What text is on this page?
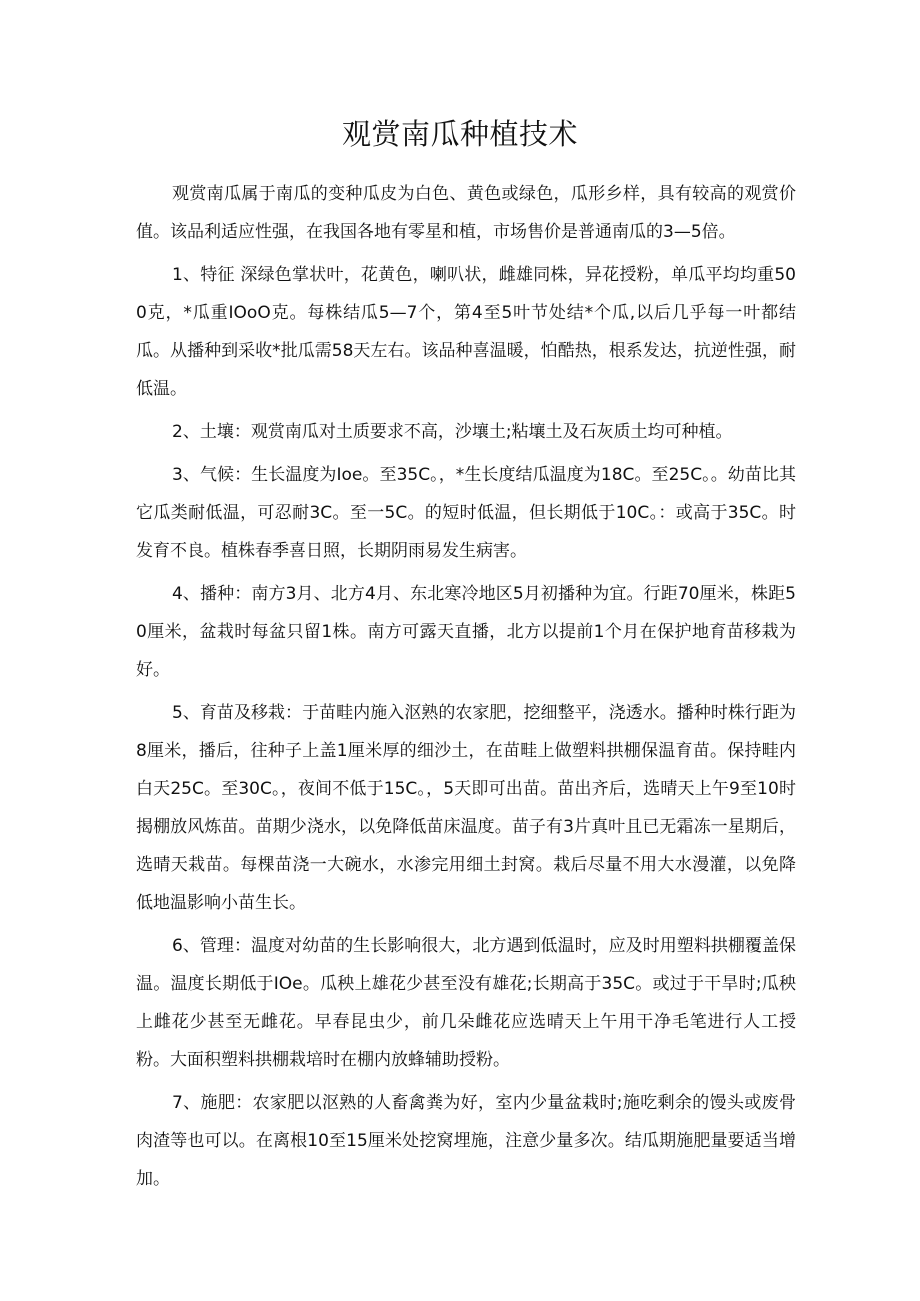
观赏南瓜种植技术

观赏南瓜属于南瓜的变种瓜皮为白色、黄色或绿色，瓜形乡样，具有较高的观赏价值。该品利适应性强，在我国各地有零星和植，市场售价是普通南瓜的3—5倍。

1、特征 深绿色掌状叶，花黄色，喇叭状，雌雄同株，异花授粉，单瓜平均均重500克，*瓜重IOoO克。每株结瓜5—7个，第4至5叶节处结*个瓜,以后几乎每一叶都结瓜。从播种到采收*批瓜需58天左右。该品种喜温暖，怕酷热，根系发达，抗逆性强，耐低温。

2、土壤：观赏南瓜对土质要求不高，沙壤土;粘壤土及石灰质土均可种植。

3、气候：生长温度为Ioe。至35C。，*生长度结瓜温度为18C。至25C。。幼苗比其它瓜类耐低温，可忍耐3C。至一5C。的短时低温，但长期低于10C。：或高于35C。时发育不良。植株春季喜日照，长期阴雨易发生病害。

4、播种：南方3月、北方4月、东北寒冷地区5月初播种为宜。行距70厘米，株距50厘米，盆栽时每盆只留1株。南方可露天直播，北方以提前1个月在保护地育苗移栽为好。

5、育苗及移栽：于苗畦内施入沤熟的农家肥，挖细整平，浇透水。播种时株行距为8厘米，播后，往种子上盖1厘米厚的细沙土，在苗畦上做塑料拱棚保温育苗。保持畦内白天25C。至30C。，夜间不低于15C。，5天即可出苗。苗出齐后，选晴天上午9至10时揭棚放风炼苗。苗期少浇水，以免降低苗床温度。苗子有3片真叶且已无霜冻一星期后，选晴天栽苗。每棵苗浇一大碗水，水渗完用细土封窝。栽后尽量不用大水漫灌，以免降低地温影响小苗生长。

6、管理：温度对幼苗的生长影响很大，北方遇到低温时，应及时用塑料拱棚覆盖保温。温度长期低于IOe。瓜秧上雄花少甚至没有雄花;长期高于35C。或过于干旱时;瓜秧上雌花少甚至无雌花。早春昆虫少，前几朵雌花应选晴天上午用干净毛笔进行人工授粉。大面积塑料拱棚栽培时在棚内放蜂辅助授粉。

7、施肥：农家肥以沤熟的人畜禽粪为好，室内少量盆栽时;施吃剩余的馒头或废骨肉渣等也可以。在离根10至15厘米处挖窝埋施，注意少量多次。结瓜期施肥量要适当增加。
